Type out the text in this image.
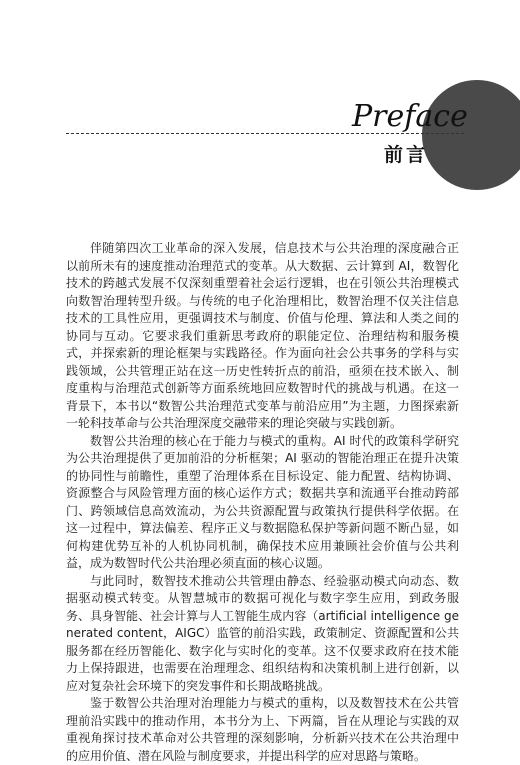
Preface
前言

伴随第四次工业革命的深入发展，信息技术与公共治理的深度融合正以前所未有的速度推动治理范式的变革。从大数据、云计算到 AI，数智化技术的跨越式发展不仅深刻重塑着社会运行逻辑，也在引领公共治理模式向数智治理转型升级。与传统的电子化治理相比，数智治理不仅关注信息技术的工具性应用，更强调技术与制度、价值与伦理、算法和人类之间的协同与互动。它要求我们重新思考政府的职能定位、治理结构和服务模式，并探索新的理论框架与实践路径。作为面向社会公共事务的学科与实践领域，公共管理正站在这一历史性转折点的前沿，亟须在技术嵌入、制度重构与治理范式创新等方面系统地回应数智时代的挑战与机遇。在这一背景下，本书以“数智公共治理范式变革与前沿应用”为主题，力图探索新一轮科技革命与公共治理深度交融带来的理论突破与实践创新。

数智公共治理的核心在于能力与模式的重构。AI 时代的政策科学研究为公共治理提供了更加前沿的分析框架；AI 驱动的智能治理正在提升决策的协同性与前瞻性，重塑了治理体系在目标设定、能力配置、结构协调、资源整合与风险管理方面的核心运作方式；数据共享和流通平台推动跨部门、跨领域信息高效流动，为公共资源配置与政策执行提供科学依据。在这一过程中，算法偏差、程序正义与数据隐私保护等新问题不断凸显，如何构建优势互补的人机协同机制，确保技术应用兼顾社会价值与公共利益，成为数智时代公共治理必须直面的核心议题。

与此同时，数智技术推动公共管理由静态、经验驱动模式向动态、数据驱动模式转变。从智慧城市的数据可视化与数字孪生应用，到政务服务、具身智能、社会计算与人工智能生成内容（artificial intelligence generated content，AIGC）监管的前沿实践，政策制定、资源配置和公共服务都在经历智能化、数字化与实时化的变革。这不仅要求政府在技术能力上保持跟进，也需要在治理理念、组织结构和决策机制上进行创新，以应对复杂社会环境下的突发事件和长期战略挑战。

鉴于数智公共治理对治理能力与模式的重构，以及数智技术在公共管理前沿实践中的推动作用，本书分为上、下两篇，旨在从理论与实践的双重视角探讨技术革命对公共管理的深刻影响，分析新兴技术在公共治理中的应用价值、潜在风险与制度要求，并提出科学的应对思路与策略。
